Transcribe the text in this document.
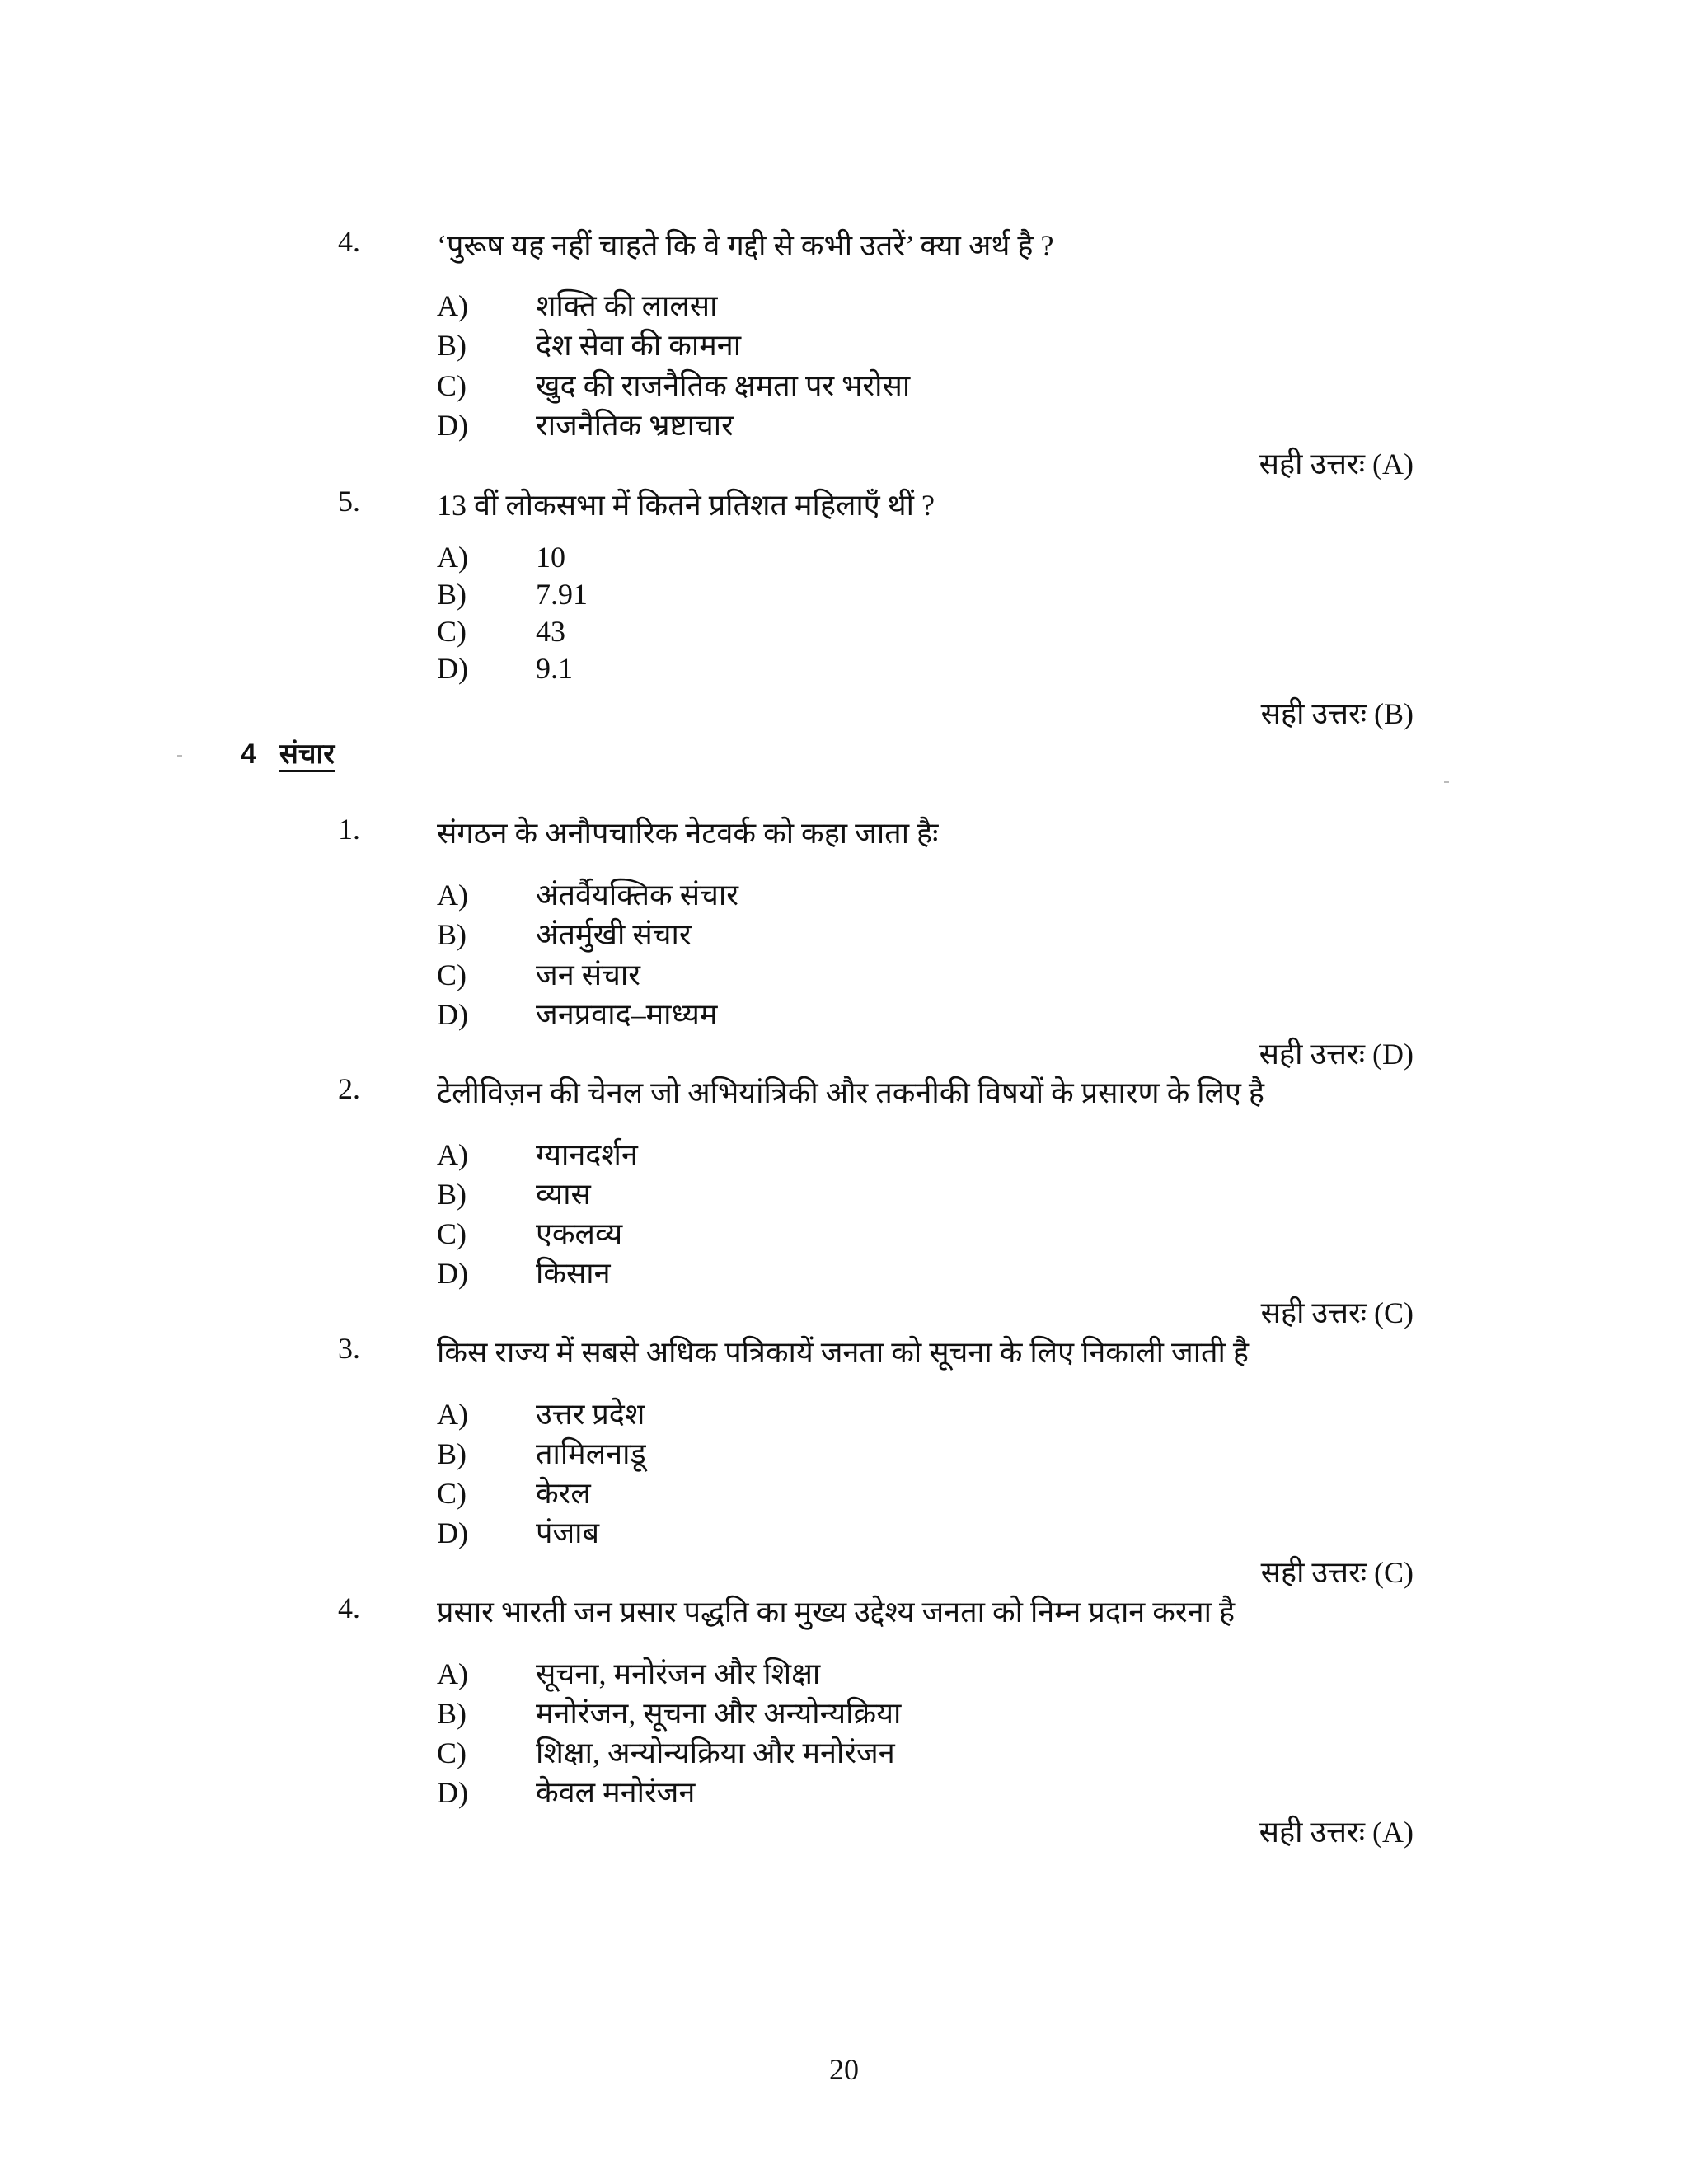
4.	‘पुरूष यह नहीं चाहते कि वे गद्दी से कभी उतरें’ क्या अर्थ है ?
A) शक्ति की लालसा
B) देश सेवा की कामना
C) खुद की राजनैतिक क्षमता पर भरोसा
D) राजनैतिक भ्रष्टाचार
सही उत्तरः (A)
5.	13 वीं लोकसभा में कितने प्रतिशत महिलाएँ थीं ?
A) 10
B) 7.91
C) 43
D) 9.1
सही उत्तरः (B)
4 संचार
1.	संगठन के अनौपचारिक नेटवर्क को कहा जाता हैः
A) अंतर्वैयक्तिक संचार
B) अंतर्मुखी संचार
C) जन संचार
D) जनप्रवाद–माध्यम
सही उत्तरः (D)
2.	टेलीविज़न की चेनल जो अभियांत्रिकी और तकनीकी विषयों के प्रसारण के लिए है
A) ग्यानदर्शन
B) व्यास
C) एकलव्य
D) किसान
सही उत्तरः (C)
3.	किस राज्य में सबसे अधिक पत्रिकायें जनता को सूचना के लिए निकाली जाती है
A) उत्तर प्रदेश
B) तामिलनाडू
C) केरल
D) पंजाब
सही उत्तरः (C)
4.	प्रसार भारती जन प्रसार पद्धति का मुख्य उद्देश्य जनता को निम्न प्रदान करना है
A) सूचना, मनोरंजन और शिक्षा
B) मनोरंजन, सूचना और अन्योन्यक्रिया
C) शिक्षा, अन्योन्यक्रिया और मनोरंजन
D) केवल मनोरंजन
सही उत्तरः (A)
20
